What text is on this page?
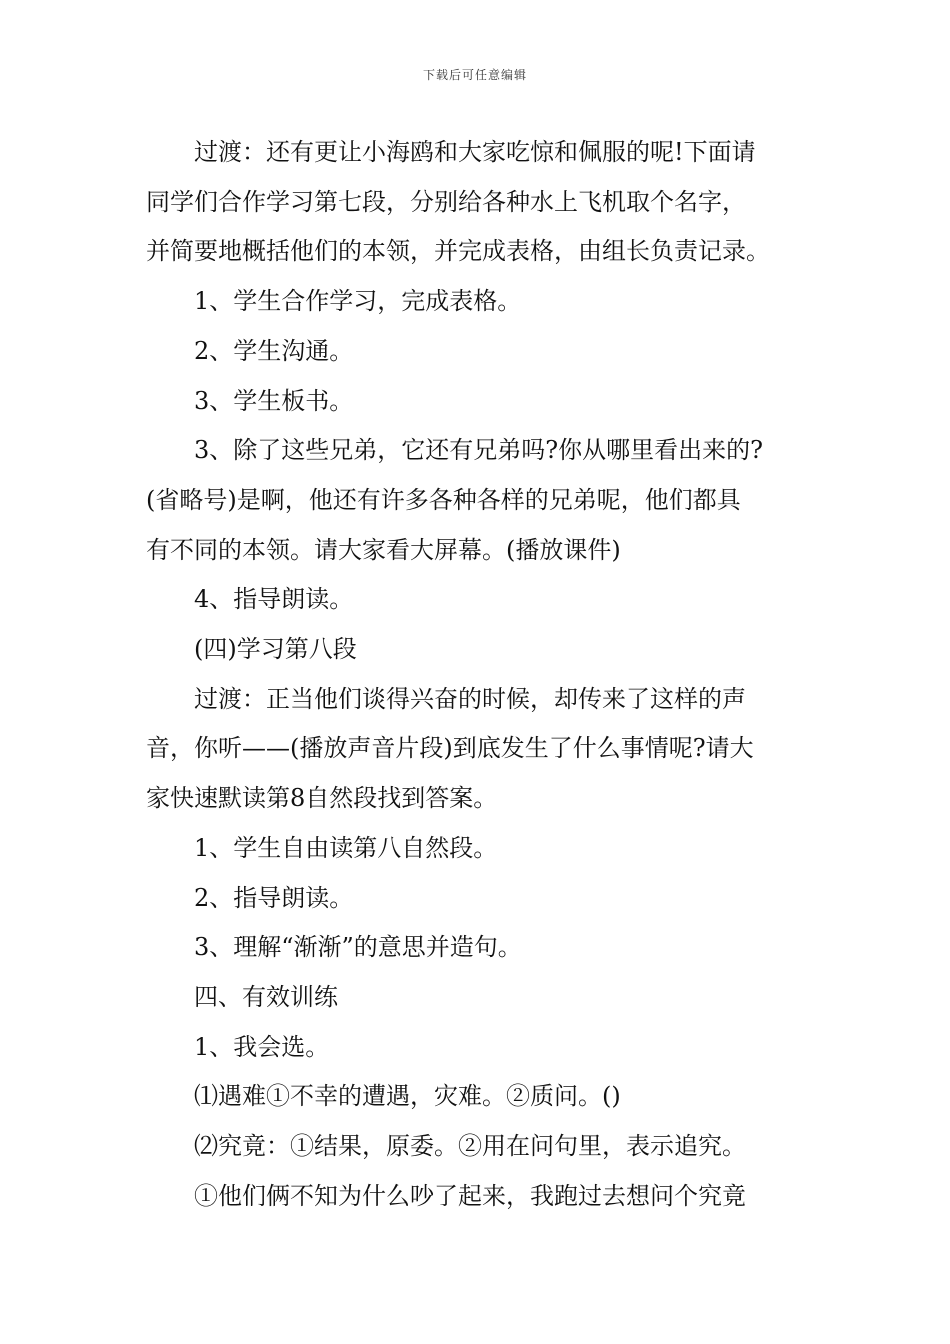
下载后可任意编辑
过渡：还有更让小海鸥和大家吃惊和佩服的呢!下面请
同学们合作学习第七段，分别给各种水上飞机取个名字，
并简要地概括他们的本领，并完成表格，由组长负责记录。
1、学生合作学习，完成表格。
2、学生沟通。
3、学生板书。
3、除了这些兄弟，它还有兄弟吗?你从哪里看出来的?
(省略号)是啊，他还有许多各种各样的兄弟呢，他们都具
有不同的本领。请大家看大屏幕。(播放课件)
4、指导朗读。
(四)学习第八段
过渡：正当他们谈得兴奋的时候，却传来了这样的声
音，你听——(播放声音片段)到底发生了什么事情呢?请大
家快速默读第8自然段找到答案。
1、学生自由读第八自然段。
2、指导朗读。
3、理解“渐渐”的意思并造句。
四、有效训练
1、我会选。
⑴遇难①不幸的遭遇，灾难。②质问。()
⑵究竟：①结果，原委。②用在问句里，表示追究。
①他们俩不知为什么吵了起来，我跑过去想问个究竟
